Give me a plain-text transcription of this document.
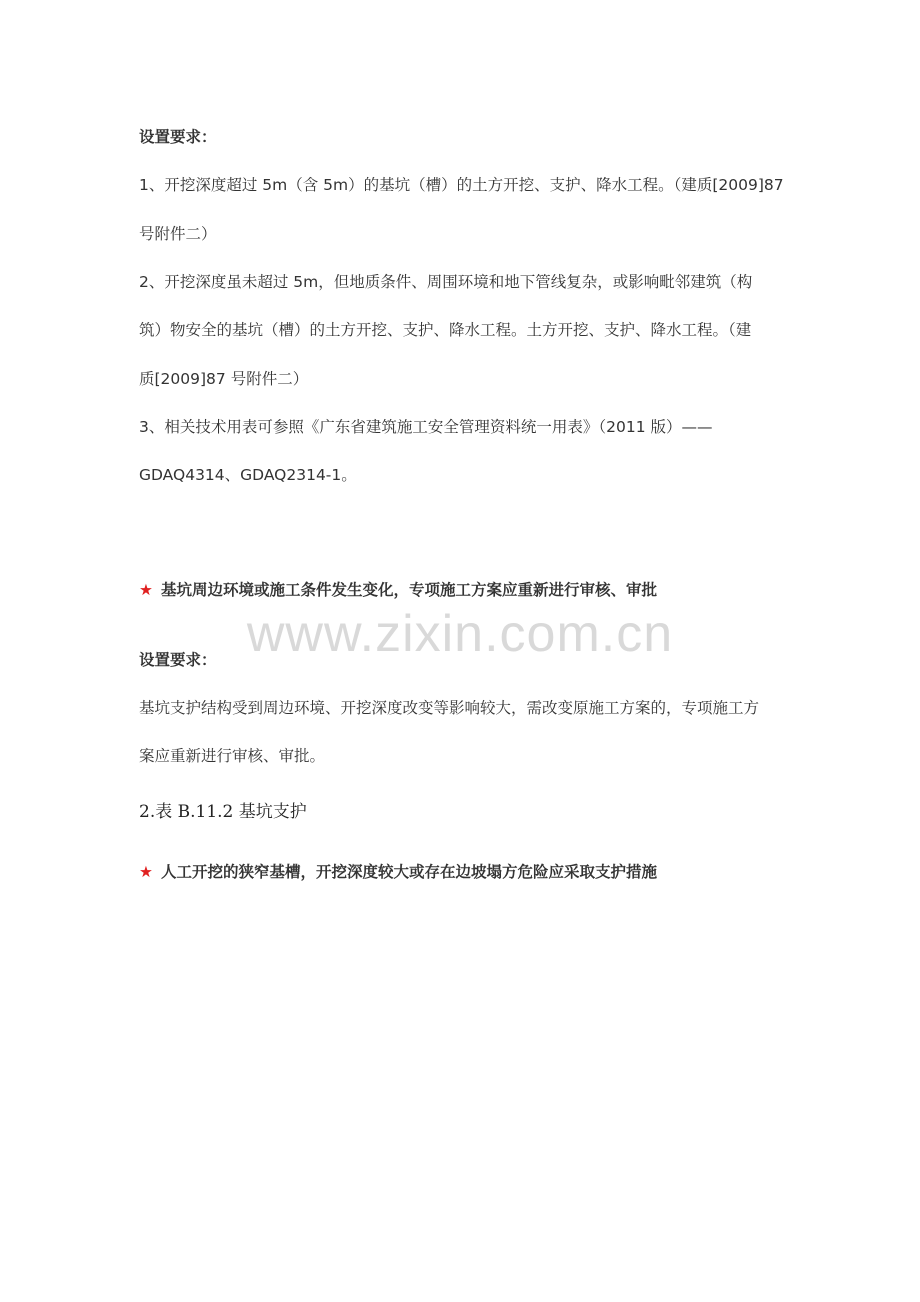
www.zixin.com.cn
设置要求：
1、开挖深度超过 5m（含 5m）的基坑（槽）的土方开挖、支护、降水工程。（建质[2009]87
号附件二）
2、开挖深度虽未超过 5m，但地质条件、周围环境和地下管线复杂，或影响毗邻建筑（构
筑）物安全的基坑（槽）的土方开挖、支护、降水工程。土方开挖、支护、降水工程。（建
质[2009]87 号附件二）
3、相关技术用表可参照《广东省建筑施工安全管理资料统一用表》（2011 版）——
GDAQ4314、GDAQ2314-1。
★ 基坑周边环境或施工条件发生变化，专项施工方案应重新进行审核、审批
设置要求：
基坑支护结构受到周边环境、开挖深度改变等影响较大，需改变原施工方案的，专项施工方
案应重新进行审核、审批。
2.表 B.11.2 基坑支护
★ 人工开挖的狭窄基槽，开挖深度较大或存在边坡塌方危险应采取支护措施
